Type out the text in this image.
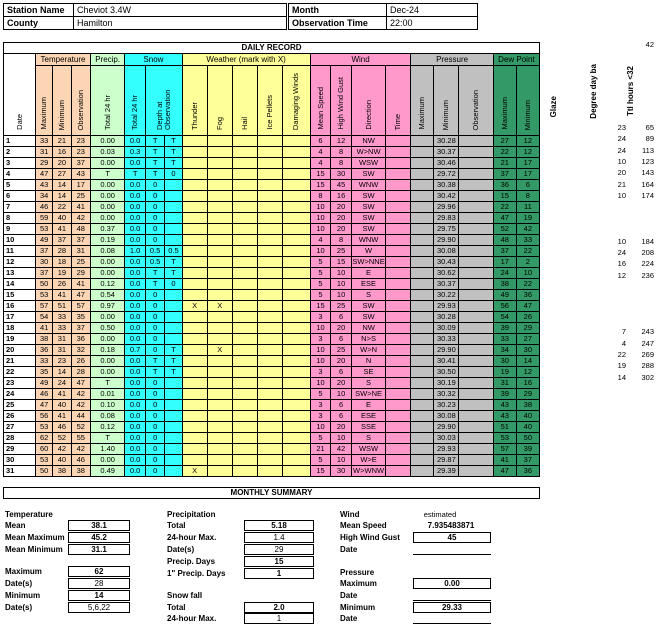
Station Name	Cheviot 3.4W
County	Hamilton
Month	Dec-24
Observation Time	22:00
DAILY RECORD																					
	Temperature			Precip.	Snow			Weather (mark with X)					Wind				Pressure			Dew Point	
Date	Maximum	Minimum	Observation	Total 24 hr	Total 24 hr	Depth at Observation		Thunder	Fog	Hail	Ice Pellets	Damaging Winds	Mean Speed	High Wind Gust	Direction	Time	Maximum	Minimum	Observation	Maximum	Minimum
1	33	21	23	0.00	0.0	T	T						6	12	NW			30.28		27	12
2	31	16	23	0.03	0.3	T	T						4	8	W>NW			30.37		22	12
3	29	20	37	0.00	0.0	T	T						4	8	WSW			30.46		21	17
4	47	27	43	T	T	T	0						15	30	SW			29.72		37	17
5	43	14	17	0.00	0.0	0							15	45	WNW			30.38		36	6
6	34	14	25	0.00	0.0	0							8	16	SW			30.42		15	8
7	46	22	41	0.00	0.0	0							10	20	SW			29.96		22	11
8	59	40	42	0.00	0.0	0							10	20	SW			29.83		47	19
9	53	41	48	0.37	0.0	0							10	20	SW			29.75		52	42
10	49	37	37	0.19	0.0	0							4	8	WNW			29.90		48	33
11	37	28	31	0.08	1.0	0.5	0.5						10	25	W			30.08		37	22
12	30	18	25	0.00	0.0	0.5	T						5	15	SW>NNE			30.43		17	2
13	37	19	29	0.00	0.0	T	T						5	10	E			30.62		24	10
14	50	26	41	0.12	0.0	T	0						5	10	ESE			30.37		38	22
15	53	41	47	0.54	0.0	0							5	10	S			30.22		49	36
16	57	51	57	0.97	0.0	0		X	X				15	25	SW			29.93		56	47
17	54	33	35	0.00	0.0	0							3	6	SW			30.28		54	26
18	41	33	37	0.50	0.0	0							10	20	NW			30.09		39	29
19	38	31	36	0.00	0.0	0							3	6	N>S			30.33		33	27
20	36	31	32	0.18	0.7	0	T		X				10	25	W>N			29.90		34	30
21	33	23	26	0.00	0.0	T	T						10	20	N			30.41		30	14
22	35	14	28	0.00	0.0	T	T						3	6	SE			30.50		19	12
23	49	24	47	T	0.0	0							10	20	S			30.19		31	16
24	46	41	42	0.01	0.0	0							5	10	SW>NE			30.32		39	29
25	47	40	42	0.10	0.0	0							3	6	E			30.23		43	38
26	56	41	44	0.08	0.0	0							3	6	ESE			30.08		43	40
27	53	46	52	0.12	0.0	0							10	20	SSE			29.90		51	40
28	62	52	55	T	0.0	0							5	10	S			30.03		53	50
29	60	42	42	1.40	0.0	0							21	42	WSW			29.93		57	39
30	53	40	46	0.00	0.0	0							5	10	W>E			29.87		41	37
31	50	38	38	0.49	0.0	0		X					15	30	W>WNW			29.39		47	36
Glaze	Degree day ba	Ttl hours <32
42
23	65
24	89
24	113
10	123
20	143
21	164
10	174
10	184
24	208
16	224
12	236
7	243
4	247
22	269
19	288
14	302
MONTHLY SUMMARY
Temperature
Mean	38.1
Mean Maximum	45.2
Mean Minimum	31.1
Maximum	62
Date(s)	28
Minimum	14
Date(s)	5,6,22
Precipitation
Total	5.18
24-hour Max.	1.4
Date(s)	29
Precip. Days	15
1" Precip. Days	1
Snow fall
Total	2.0
24-hour Max.	1
Wind	estimated
Mean Speed	7.935483871
High Wind Gust	45
Date
Pressure
Maximum	0.00
Date
Minimum	29.33
Date
